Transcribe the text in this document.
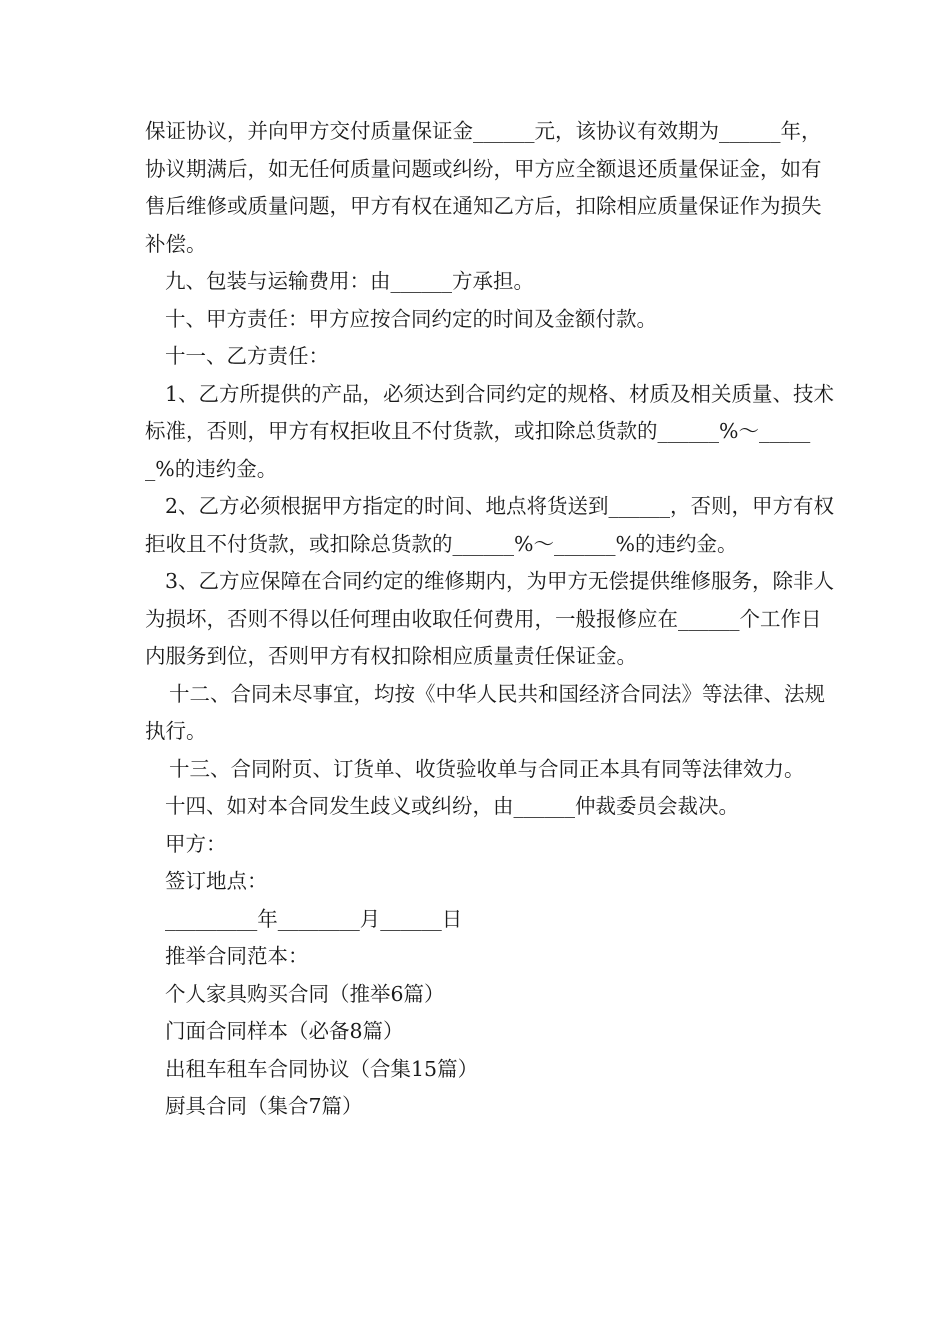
保证协议，并向甲方交付质量保证金______元，该协议有效期为______年，协议期满后，如无任何质量问题或纠纷，甲方应全额退还质量保证金，如有售后维修或质量问题，甲方有权在通知乙方后，扣除相应质量保证作为损失补偿。

九、包装与运输费用：由______方承担。

十、甲方责任：甲方应按合同约定的时间及金额付款。

十一、乙方责任：

1、乙方所提供的产品，必须达到合同约定的规格、材质及相关质量、技术标准，否则，甲方有权拒收且不付货款，或扣除总货款的______%～______%的违约金。

2、乙方必须根据甲方指定的时间、地点将货送到______，否则，甲方有权拒收且不付货款，或扣除总货款的______%～______%的违约金。

3、乙方应保障在合同约定的维修期内，为甲方无偿提供维修服务，除非人为损坏，否则不得以任何理由收取任何费用，一般报修应在______个工作日内服务到位，否则甲方有权扣除相应质量责任保证金。

十二、合同未尽事宜，均按《中华人民共和国经济合同法》等法律、法规执行。

十三、合同附页、订货单、收货验收单与合同正本具有同等法律效力。

十四、如对本合同发生歧义或纠纷，由______仲裁委员会裁决。

甲方：

签订地点：

_________年________月______日

推举合同范本：

个人家具购买合同（推举6篇）

门面合同样本（必备8篇）

出租车租车合同协议（合集15篇）

厨具合同（集合7篇）
